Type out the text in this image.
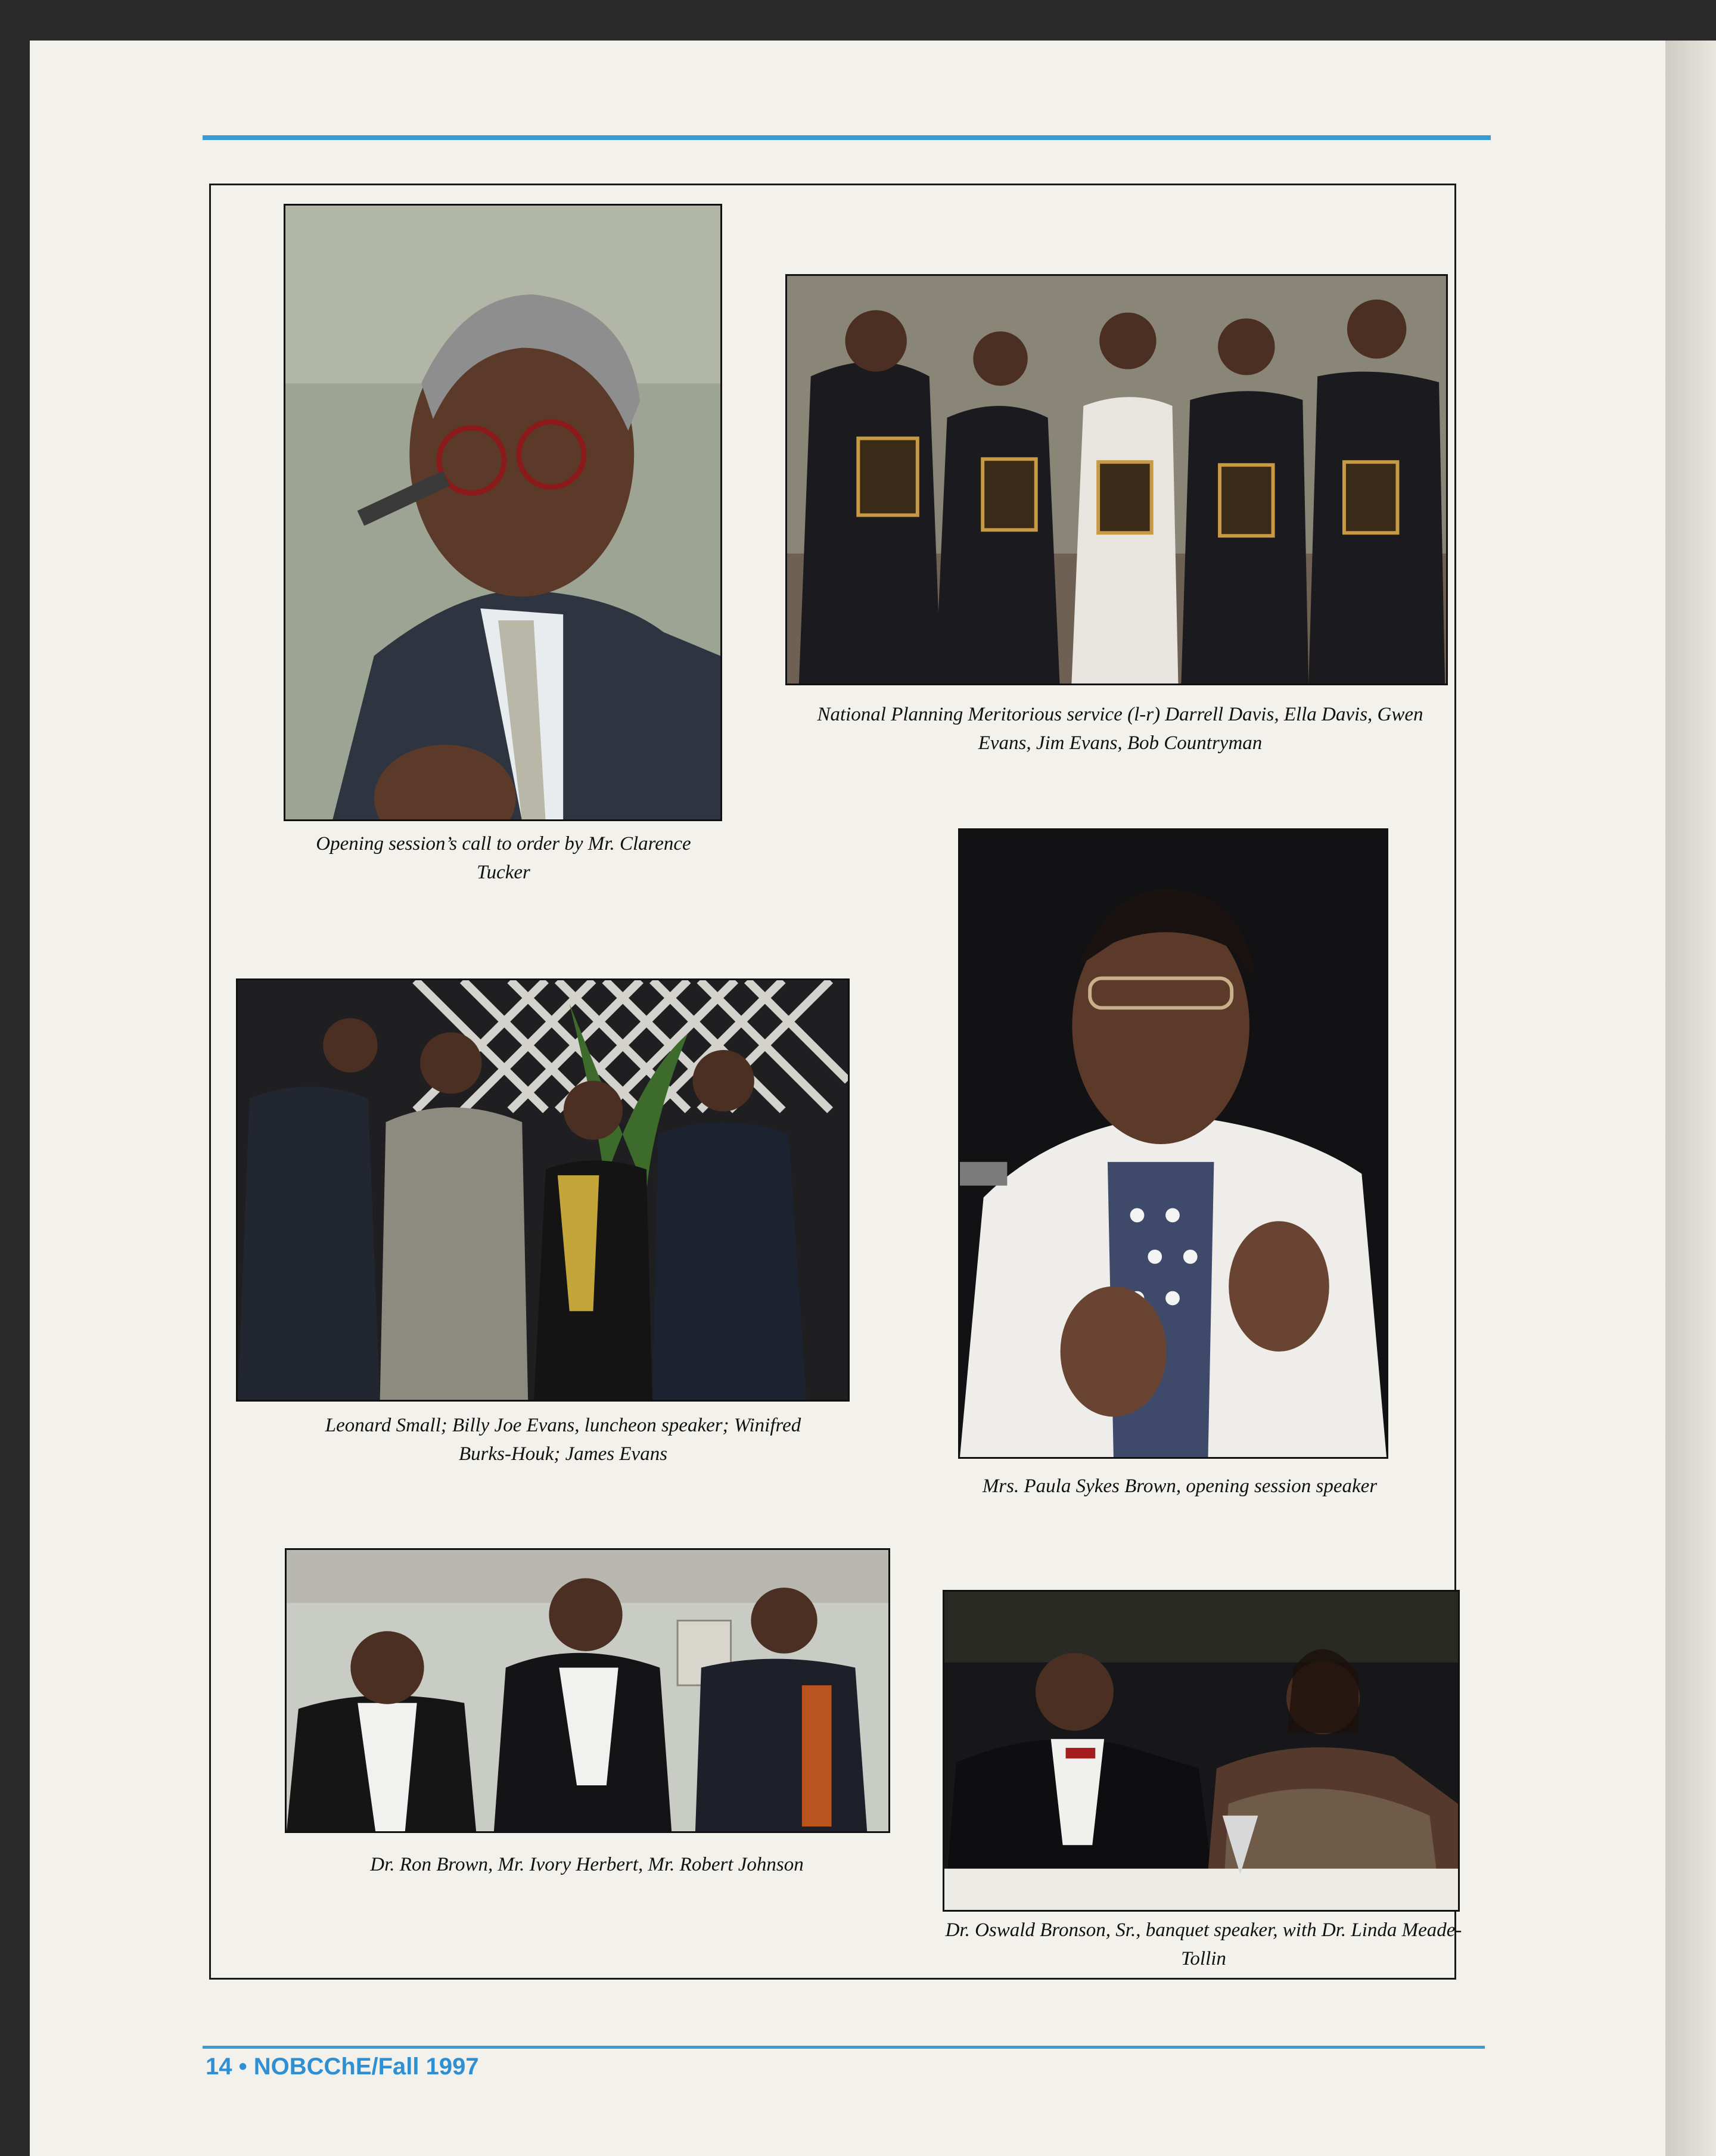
Opening session’s call to order by Mr. Clarence Tucker
National Planning Meritorious service (l-r) Darrell Davis, Ella Davis, Gwen Evans, Jim Evans, Bob Countryman
Leonard Small; Billy Joe Evans, luncheon speaker; Winifred Burks-Houk; James Evans
Mrs. Paula Sykes Brown, opening session speaker
Dr. Ron Brown, Mr. Ivory Herbert, Mr. Robert Johnson
Dr. Oswald Bronson, Sr., banquet speaker, with Dr. Linda Meade-Tollin
14 • NOBCChE/Fall 1997
